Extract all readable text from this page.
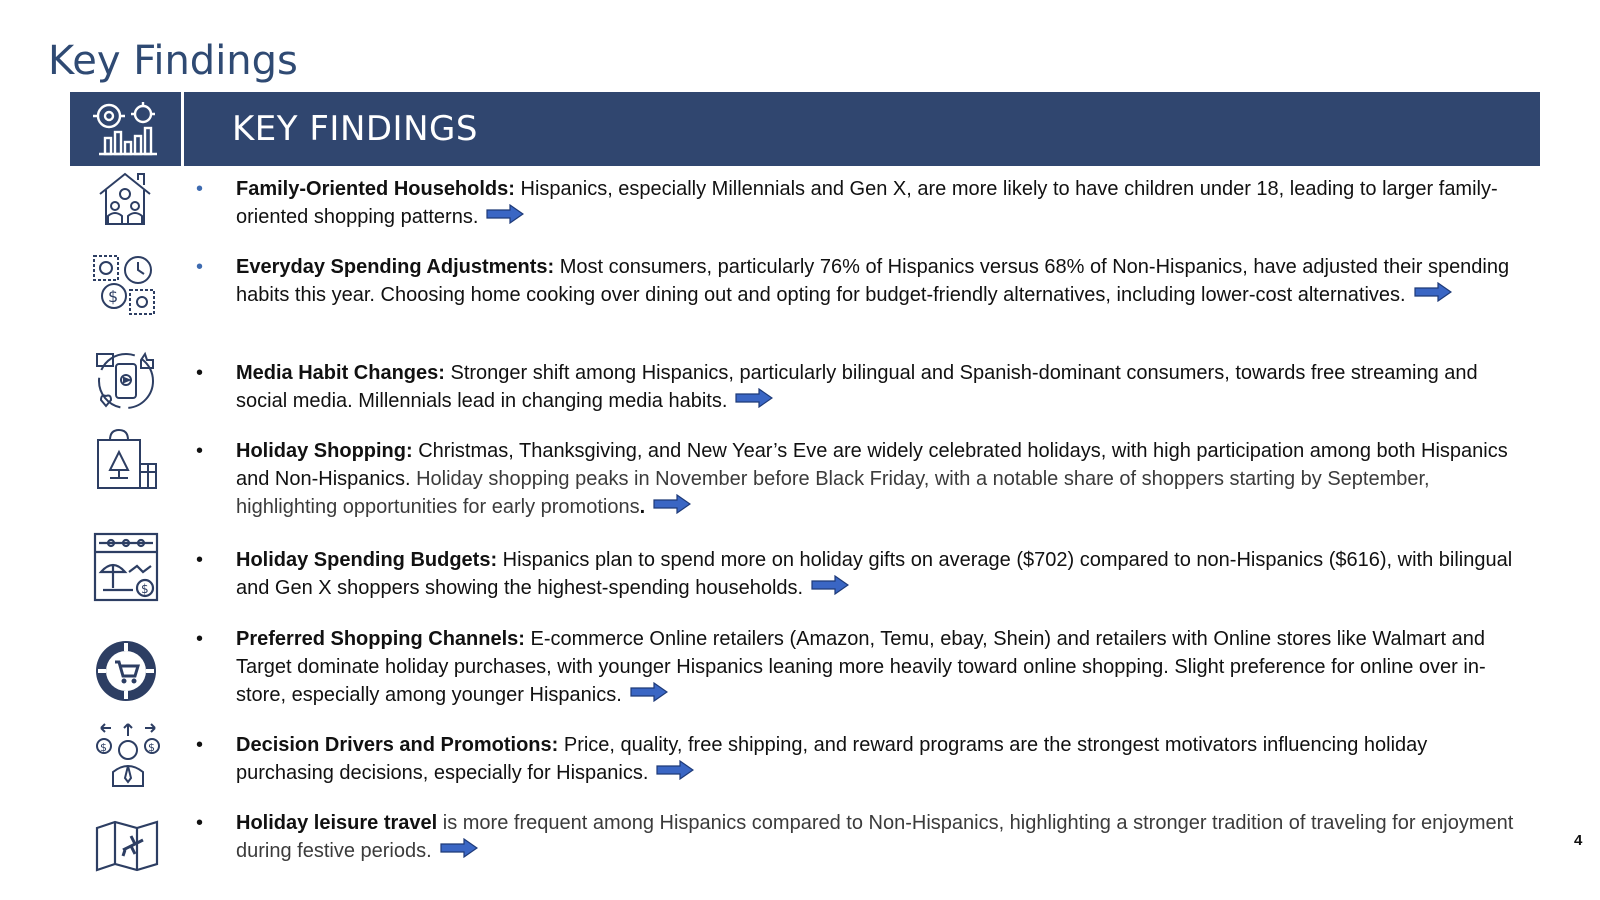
Key Findings
KEY FINDINGS
• Family-Oriented Households: Hispanics, especially Millennials and Gen X, are more likely to have children under 18, leading to larger family-oriented shopping patterns.
$
• Everyday Spending Adjustments: Most consumers, particularly 76% of Hispanics versus 68% of Non-Hispanics, have adjusted their spending habits this year. Choosing home cooking over dining out and opting for budget-friendly alternatives, including lower-cost alternatives.
• Media Habit Changes: Stronger shift among Hispanics, particularly bilingual and Spanish-dominant consumers, towards free streaming and social media. Millennials lead in changing media habits.
• Holiday Shopping: Christmas, Thanksgiving, and New Year’s Eve are widely celebrated holidays, with high participation among both Hispanics and Non-Hispanics. Holiday shopping peaks in November before Black Friday, with a notable share of shoppers starting by September, highlighting opportunities for early promotions.
$
• Holiday Spending Budgets: Hispanics plan to spend more on holiday gifts on average ($702) compared to non-Hispanics ($616), with bilingual and Gen X shoppers showing the highest-spending households.
• Preferred Shopping Channels: E-commerce Online retailers (Amazon, Temu, ebay, Shein) and retailers with Online stores like Walmart and Target dominate holiday purchases, with younger Hispanics leaning more heavily toward online shopping. Slight preference for online over in-store, especially among younger Hispanics.
$	$ • Decision Drivers and Promotions: Price, quality, free shipping, and reward programs are the strongest motivators influencing holiday purchasing decisions, especially for Hispanics.
• Holiday leisure travel is more frequent among Hispanics compared to Non-Hispanics, highlighting a stronger tradition of traveling for enjoyment during festive periods.	4
